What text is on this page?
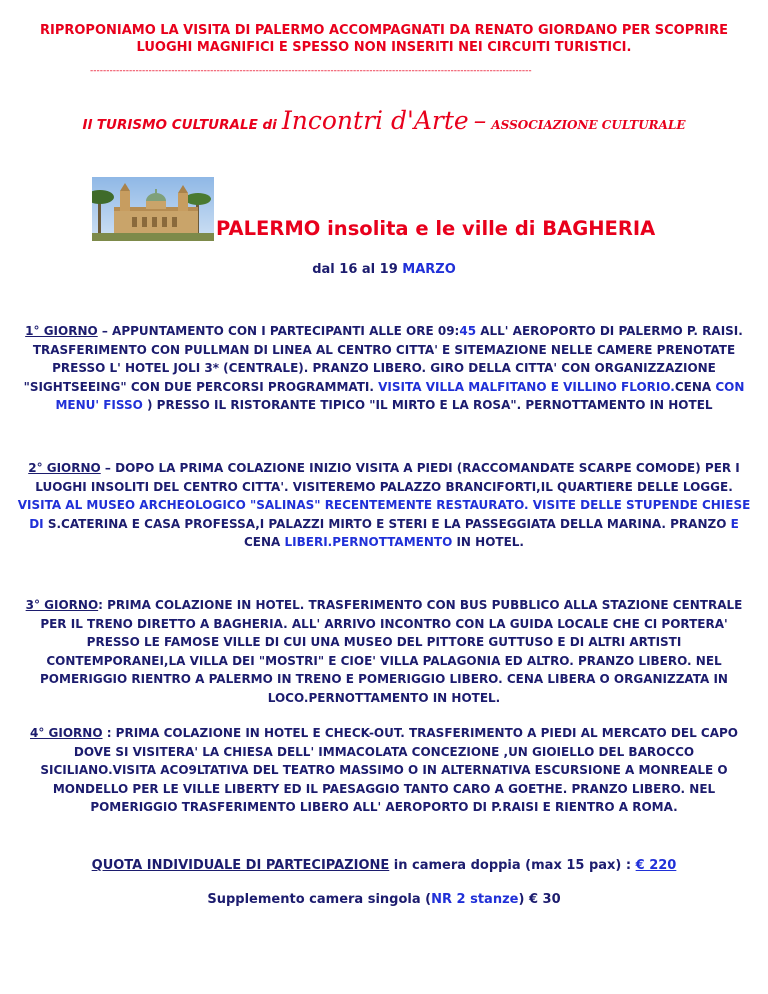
RIPROPONIAMO LA VISITA DI PALERMO ACCOMPAGNATI DA RENATO GIORDANO PER SCOPRIRE
LUOGHI MAGNIFICI E SPESSO NON INSERITI NEI CIRCUITI TURISTICI.
----------------------------------------------------------------------------------------------------------------------------------------
Il TURISMO CULTURALE di Incontri d'Arte – ASSOCIAZIONE CULTURALE
PALERMO insolita e le ville di BAGHERIA
dal 16 al 19 MARZO
1° GIORNO – APPUNTAMENTO CON I PARTECIPANTI ALLE ORE 09:45 ALL' AEROPORTO DI PALERMO P. RAISI. TRASFERIMENTO CON PULLMAN DI LINEA AL CENTRO CITTA' E SITEMAZIONE NELLE CAMERE PRENOTATE PRESSO L' HOTEL JOLI 3* (CENTRALE). PRANZO LIBERO. GIRO DELLA CITTA' CON ORGANIZZAZIONE "SIGHTSEEING" CON DUE PERCORSI PROGRAMMATI. VISITA VILLA MALFITANO E VILLINO FLORIO.CENA CON MENU' FISSO ) PRESSO IL RISTORANTE TIPICO "IL MIRTO E LA ROSA". PERNOTTAMENTO IN HOTEL
2° GIORNO – DOPO LA PRIMA COLAZIONE INIZIO VISITA A PIEDI (RACCOMANDATE SCARPE COMODE) PER I LUOGHI INSOLITI DEL CENTRO CITTA'. VISITEREMO PALAZZO BRANCIFORTI,IL QUARTIERE DELLE LOGGE. VISITA AL MUSEO ARCHEOLOGICO "SALINAS" RECENTEMENTE RESTAURATO. VISITE DELLE STUPENDE CHIESE DI S.CATERINA E CASA PROFESSA,I PALAZZI MIRTO E STERI E LA PASSEGGIATA DELLA MARINA. PRANZO E CENA LIBERI.PERNOTTAMENTO IN HOTEL.
3° GIORNO: PRIMA COLAZIONE IN HOTEL. TRASFERIMENTO CON BUS PUBBLICO ALLA STAZIONE CENTRALE PER IL TRENO DIRETTO A BAGHERIA. ALL' ARRIVO INCONTRO CON LA GUIDA LOCALE CHE CI PORTERA' PRESSO LE FAMOSE VILLE DI CUI UNA MUSEO DEL PITTORE GUTTUSO E DI ALTRI ARTISTI CONTEMPORANEI,LA VILLA DEI "MOSTRI" E CIOE' VILLA PALAGONIA ED ALTRO. PRANZO LIBERO. NEL POMERIGGIO RIENTRO A PALERMO IN TRENO E POMERIGGIO LIBERO. CENA LIBERA O ORGANIZZATA IN LOCO.PERNOTTAMENTO IN HOTEL.
4° GIORNO : PRIMA COLAZIONE IN HOTEL E CHECK-OUT. TRASFERIMENTO A PIEDI AL MERCATO DEL CAPO DOVE SI VISITERA' LA CHIESA DELL' IMMACOLATA CONCEZIONE ,UN GIOIELLO DEL BAROCCO SICILIANO.VISITA ACO9LTATIVA DEL TEATRO MASSIMO O IN ALTERNATIVA ESCURSIONE A MONREALE O MONDELLO PER LE VILLE LIBERTY ED IL PAESAGGIO TANTO CARO A GOETHE. PRANZO LIBERO. NEL POMERIGGIO TRASFERIMENTO LIBERO ALL' AEROPORTO DI P.RAISI E RIENTRO A ROMA.
QUOTA INDIVIDUALE DI PARTECIPAZIONE in camera doppia (max 15 pax) : € 220
Supplemento camera singola (NR 2 stanze) € 30
